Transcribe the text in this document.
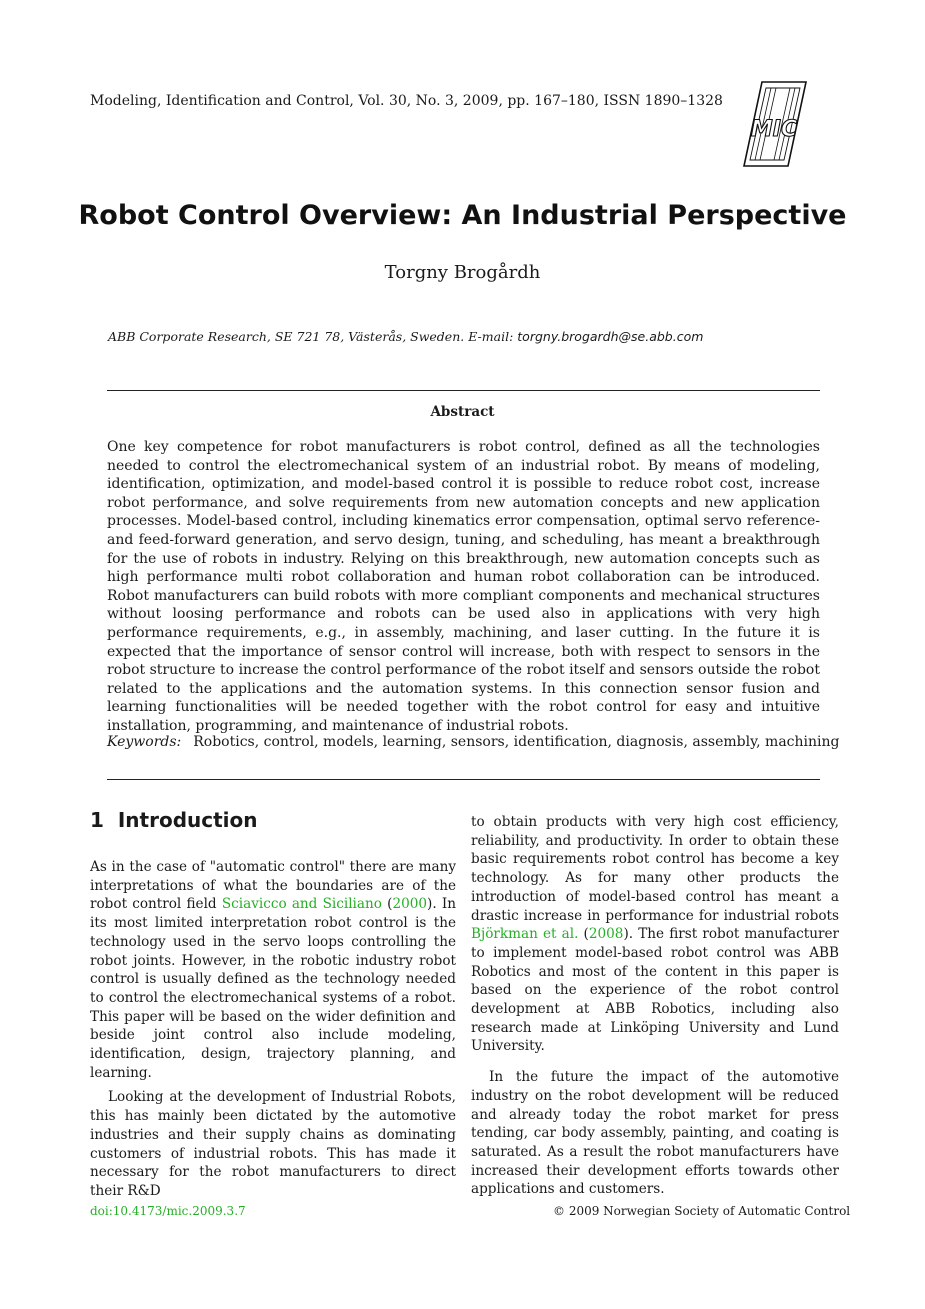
Modeling, Identification and Control, Vol. 30, No. 3, 2009, pp. 167–180, ISSN 1890–1328
MIC
Robot Control Overview: An Industrial Perspective
Torgny Brogårdh
ABB Corporate Research, SE 721 78, Västerås, Sweden. E-mail: torgny.brogardh@se.abb.com
Abstract
One key competence for robot manufacturers is robot control, defined as all the technologies needed to control the electromechanical system of an industrial robot. By means of modeling, identification, optimization, and model-based control it is possible to reduce robot cost, increase robot performance, and solve requirements from new automation concepts and new application processes. Model-based control, including kinematics error compensation, optimal servo reference- and feed-forward generation, and servo design, tuning, and scheduling, has meant a breakthrough for the use of robots in industry. Relying on this breakthrough, new automation concepts such as high performance multi robot collaboration and human robot collaboration can be introduced. Robot manufacturers can build robots with more compliant components and mechanical structures without loosing performance and robots can be used also in applications with very high performance requirements, e.g., in assembly, machining, and laser cutting. In the future it is expected that the importance of sensor control will increase, both with respect to sensors in the robot structure to increase the control performance of the robot itself and sensors outside the robot related to the applications and the automation systems. In this connection sensor fusion and learning functionalities will be needed together with the robot control for easy and intuitive installation, programming, and maintenance of industrial robots.
Keywords: Robotics, control, models, learning, sensors, identification, diagnosis, assembly, machining
1 Introduction

As in the case of "automatic control" there are many interpretations of what the boundaries are of the robot control field Sciavicco and Siciliano (2000). In its most limited interpretation robot control is the technology used in the servo loops controlling the robot joints. However, in the robotic industry robot control is usually defined as the technology needed to control the electromechanical systems of a robot. This paper will be based on the wider definition and beside joint control also include modeling, identification, design, trajectory planning, and learning.

Looking at the development of Industrial Robots, this has mainly been dictated by the automotive industries and their supply chains as dominating customers of industrial robots. This has made it necessary for the robot manufacturers to direct their R&D

to obtain products with very high cost efficiency, reliability, and productivity. In order to obtain these basic requirements robot control has become a key technology. As for many other products the introduction of model-based control has meant a drastic increase in performance for industrial robots Björkman et al. (2008). The first robot manufacturer to implement model-based robot control was ABB Robotics and most of the content in this paper is based on the experience of the robot control development at ABB Robotics, including also research made at Linköping University and Lund University.

In the future the impact of the automotive industry on the robot development will be reduced and already today the robot market for press tending, car body assembly, painting, and coating is saturated. As a result the robot manufacturers have increased their development efforts towards other applications and customers.

doi:10.4173/mic.2009.3.7	© 2009 Norwegian Society of Automatic Control
